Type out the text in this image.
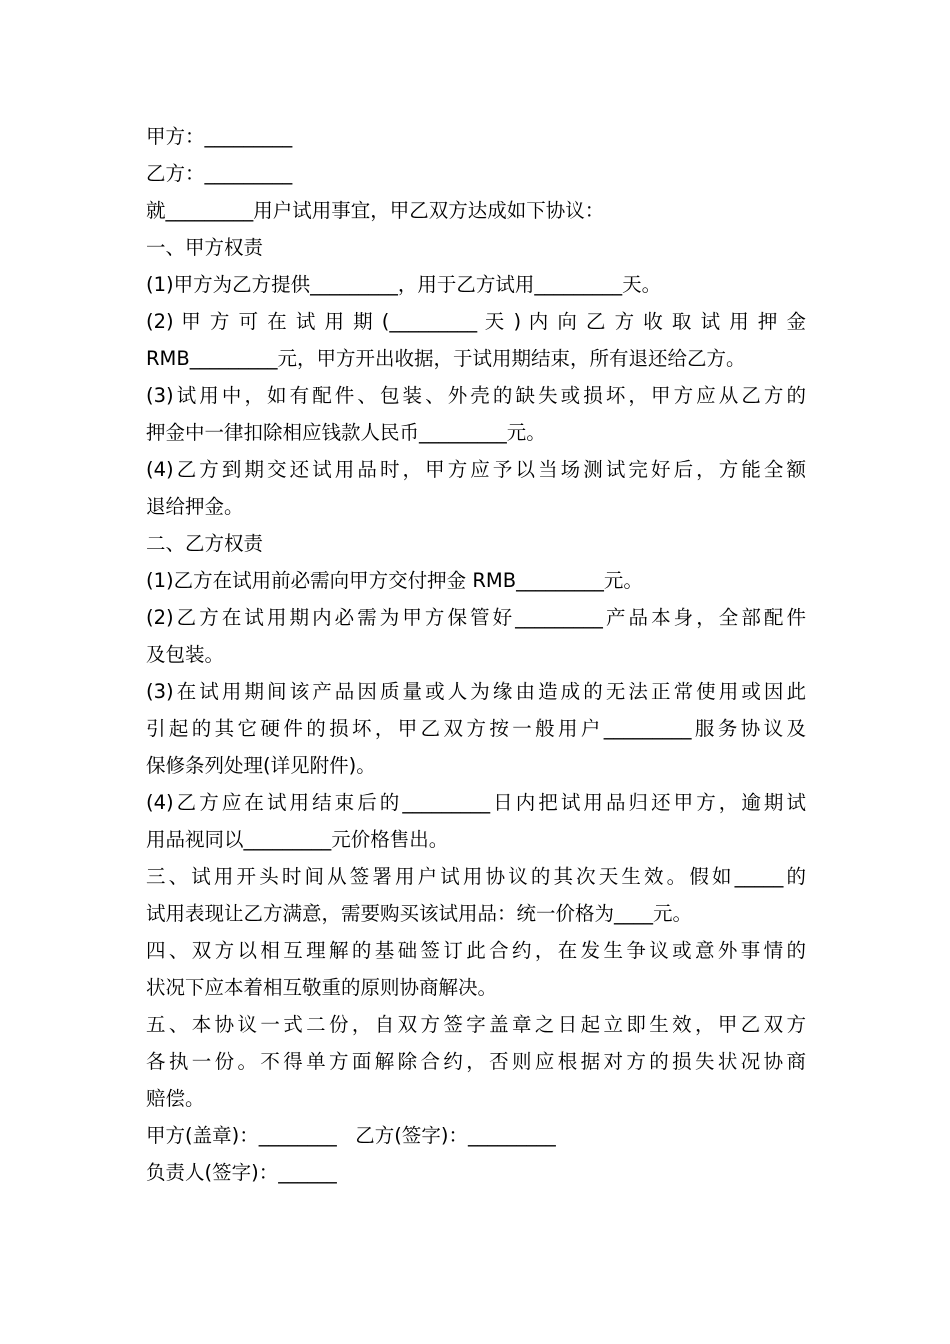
甲方：_________
乙方：_________
就_________用户试用事宜，甲乙双方达成如下协议：
一、甲方权责
(1)甲方为乙方提供_________，用于乙方试用_________天。
(2) 甲 方 可 在 试 用 期 (_________ 天 ) 内 向 乙 方 收 取 试 用 押 金
RMB_________元，甲方开出收据，于试用期结束，所有退还给乙方。
(3)试用中，如有配件、包装、外壳的缺失或损坏，甲方应从乙方的
押金中一律扣除相应钱款人民币_________元。
(4)乙方到期交还试用品时，甲方应予以当场测试完好后，方能全额
退给押金。
二、乙方权责
(1)乙方在试用前必需向甲方交付押金 RMB_________元。
(2)乙方在试用期内必需为甲方保管好_________产品本身，全部配件
及包装。
(3)在试用期间该产品因质量或人为缘由造成的无法正常使用或因此
引起的其它硬件的损坏，甲乙双方按一般用户_________服务协议及
保修条列处理(详见附件)。
(4)乙方应在试用结束后的_________日内把试用品归还甲方，逾期试
用品视同以_________元价格售出。
三、试用开头时间从签署用户试用协议的其次天生效。假如_____的
试用表现让乙方满意，需要购买该试用品：统一价格为____元。
四、双方以相互理解的基础签订此合约，在发生争议或意外事情的
状况下应本着相互敬重的原则协商解决。
五、本协议一式二份，自双方签字盖章之日起立即生效，甲乙双方
各执一份。不得单方面解除合约，否则应根据对方的损失状况协商
赔偿。
甲方(盖章)：________   乙方(签字)：_________
负责人(签字)：______
